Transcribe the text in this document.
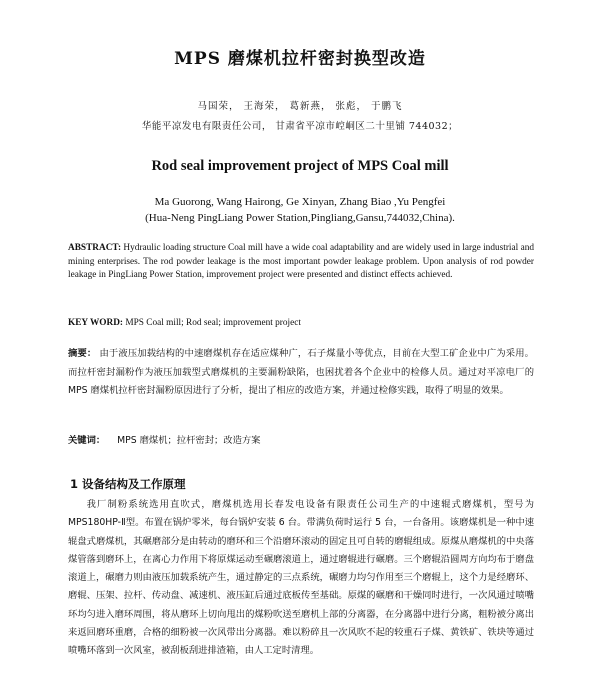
MPS 磨煤机拉杆密封换型改造
马国荣， 王海荣， 葛新燕， 张彪， 于鹏飞
华能平凉发电有限责任公司， 甘肃省平凉市崆峒区二十里铺 744032；
Rod seal improvement project of MPS Coal mill
Ma Guorong, Wang Hairong, Ge Xinyan, Zhang Biao ,Yu Pengfei
(Hua-Neng PingLiang Power Station,Pingliang,Gansu,744032,China).
ABSTRACT: Hydraulic loading structure Coal mill have a wide coal adaptability and are widely used in large industrial and mining enterprises. The rod powder leakage is the most important powder leakage problem. Upon analysis of rod powder leakage in PingLiang Power Station, improvement project were presented and distinct effects achieved.
KEY WORD: MPS Coal mill; Rod seal; improvement project
摘要： 由于液压加载结构的中速磨煤机存在适应煤种广，石子煤量小等优点，目前在大型工矿企业中广为采用。而拉杆密封漏粉作为液压加载型式磨煤机的主要漏粉缺陷，也困扰着各个企业中的检修人员。通过对平凉电厂的 MPS 磨煤机拉杆密封漏粉原因进行了分析，提出了相应的改造方案，并通过检修实践，取得了明显的效果。
关键词： MPS 磨煤机；拉杆密封；改造方案
1 设备结构及工作原理
我厂制粉系统选用直吹式，磨煤机选用长春发电设备有限责任公司生产的中速辊式磨煤机，型号为 MPS180HP-Ⅱ型。布置在锅炉零米，每台锅炉安装 6 台。带满负荷时运行 5 台，一台备用。该磨煤机是一种中速辊盘式磨煤机，其碾磨部分是由转动的磨环和三个沿磨环滚动的固定且可自转的磨辊组成。原煤从磨煤机的中央落煤管落到磨环上，在离心力作用下将原煤运动至碾磨滚道上，通过磨辊进行碾磨。三个磨辊沿圆周方向均布于磨盘滚道上，碾磨力则由液压加载系统产生，通过静定的三点系统，碾磨力均匀作用至三个磨辊上，这个力是经磨环、磨辊、压架、拉杆、传动盘、减速机、液压缸后通过底板传至基础。原煤的碾磨和干燥同时进行，一次风通过喷嘴环均匀进入磨环周围，将从磨环上切向甩出的煤粉吹送至磨机上部的分离器，在分离器中进行分离，粗粉被分离出来返回磨环重磨，合格的细粉被一次风带出分离器。难以粉碎且一次风吹不起的较重石子煤、黄铁矿、铁块等通过喷嘴环落到一次风室，被刮板刮进排渣箱，由人工定时清理。
